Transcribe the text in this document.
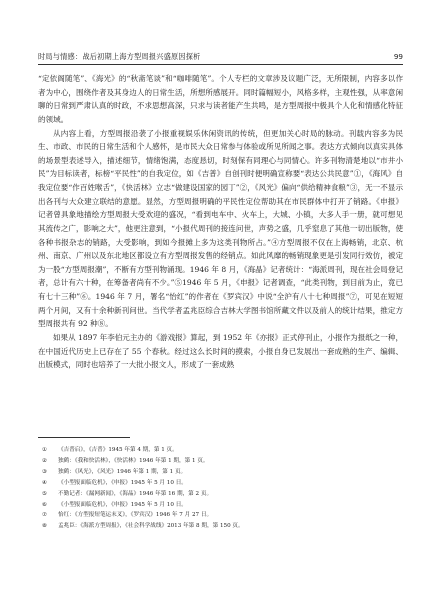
时局与情感：战后初期上海方型周报兴盛原因探析	99

“定依阁随笔”、《海光》的“秋斋笔谈”和“咖啡随笔”。个人专栏的文章涉及议题广泛，无所限制，内容多以作者为中心，围绕作者及其身边人的日常生活，所想所感展开。同时篇幅短小，风格多样，主观性强，从率意闲聊的日常到严肃认真的时政，不求思想高深，只求与读者能产生共鸣，是方型周报中极具个人化和情感化特征的领域。

从内容上看，方型周报沿袭了小报重视娱乐休闲资讯的传统，但更加关心时局的脉动。刊载内容多为民生、市政、市民的日常生活和个人感怀，是市民大众日常参与体验或所见所闻之事。表达方式倾向以真实具体的场景型表述导入，描述细节，情绪饱满，态度恳切，时刻保有同理心与同情心。许多刊物清楚地以“市井小民”为目标读者，标榜“平民性”的自我定位，如《吉普》自创刊时便明确宣称要“表达公共民意”①，《海风》自我定位要“作百姓喉舌”，《快活林》立志“做建设国家的园丁”②，《风光》偏向“供给精神食粮”③，无一不显示出各刊与大众建立联结的意愿。显然，方型周报明确的平民性定位帮助其在市民群体中打开了销路。《申报》记者曾具象地描绘方型周报大受欢迎的盛况，“看到电车中、火车上，大城、小镇，大多人手一册，就可想见其流传之广，影响之大”，他更注意到，“小报代周刊的接连问世，声势之盛，几乎窒息了其他一切出版物，使各种书报杂志的销路，大受影响，到如今报摊上多为这类刊物所占。”④方型周报不仅在上海畅销，北京、杭州、南京、广州以及东北地区都设立有方型周报发售的经销点。如此风靡的畅销现象更是引发同行效仿，被定为一股“方型周报潮”，不断有方型刊物涌现。1946 年 8 月，《海晶》记者统计：“海派周刊，现在社会局登记者，总计有六十种，在筹备者尚有不少。”⑤1946 年 5 月，《申报》记者调查，“此类刊物，到目前为止，竟已有七十三种”⑥。1946 年 7 月，署名“怡红”的作者在《罗宾汉》中说“全沪有八十七种周报”⑦，可见在短短两个月间，又有十余种新刊问世。当代学者孟兆臣综合吉林大学图书馆所藏文件以及前人的统计结果，推定方型周报共有 92 种⑧。

如果从 1897 年李伯元主办的《游戏报》算起，到 1952 年《亦报》正式停刊止，小报作为报纸之一种，在中国近代历史上已存在了 55 个春秋。经过这么长时间的摸索，小报自身已发展出一套成熟的生产、编辑、出版模式，同时也培养了一大批小报文人，形成了一套成熟

① 《吉普启》，《吉普》1945 年第 4 期，第 1 页。
② 独鹤：《我和快活林》，《快活林》1946 年第 1 期，第 1 页。
③ 独鹤：《风光》，《风光》1946 年第 1 期，第 1 页。
④ 《小型报面临危机》，《申报》1945 年 5 月 10 日。
⑤ 不勤记者：《漏网新闻》，《海晶》1946 年第 16 期，第 2 页。
⑥ 《小型报面临危机》，《申报》1945 年 5 月 10 日。
⑦ 怡红：《方型报短笔运末叉》，《罗宾汉》1946 年 7 月 27 日。
⑧ 孟兆臣：《海派方型周报》，《社会科学战线》2013 年第 8 期，第 150 页。
